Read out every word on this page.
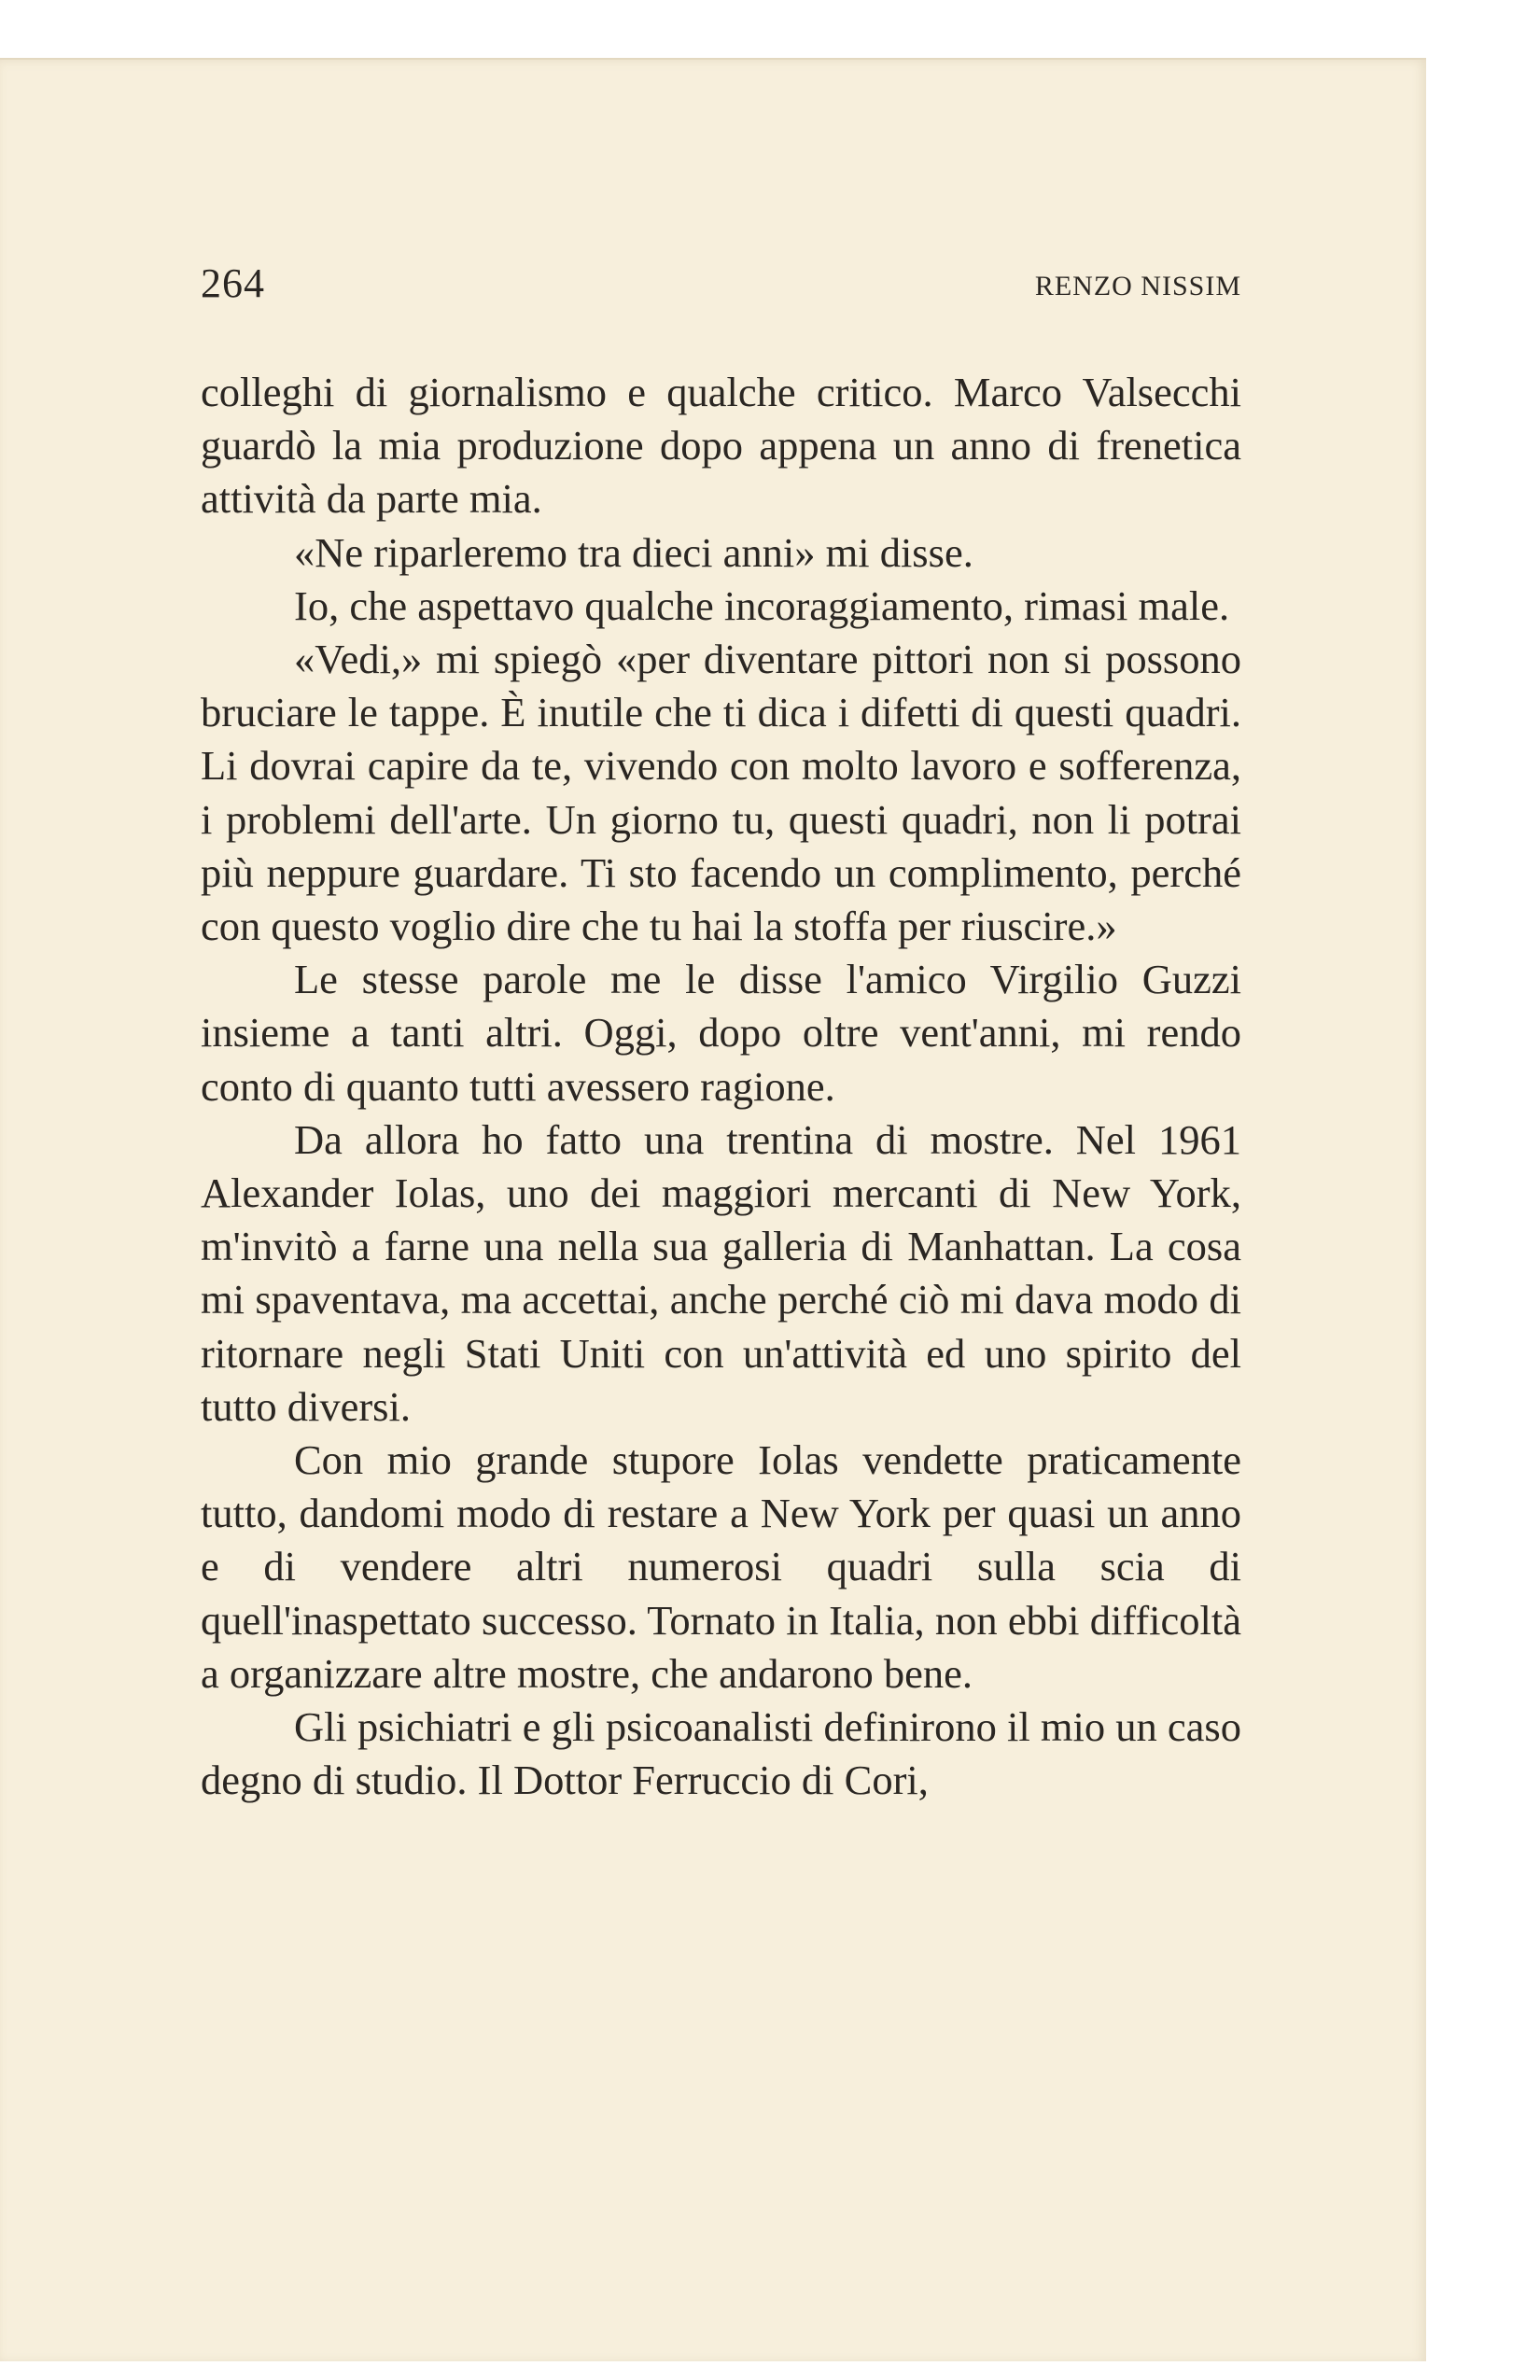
264	RENZO NISSIM

colleghi di giornalismo e qualche critico. Marco Valsecchi guardò la mia produzione dopo appena un anno di frenetica attività da parte mia.

«Ne riparleremo tra dieci anni» mi disse.

Io, che aspettavo qualche incoraggiamento, rimasi male.

«Vedi,» mi spiegò «per diventare pittori non si possono bruciare le tappe. È inutile che ti dica i difetti di questi quadri. Li dovrai capire da te, vivendo con molto lavoro e sofferenza, i problemi dell'arte. Un giorno tu, questi quadri, non li potrai più neppure guardare. Ti sto facendo un complimento, perché con questo voglio dire che tu hai la stoffa per riuscire.»

Le stesse parole me le disse l'amico Virgilio Guzzi insieme a tanti altri. Oggi, dopo oltre vent'anni, mi rendo conto di quanto tutti avessero ragione.

Da allora ho fatto una trentina di mostre. Nel 1961 Alexander Iolas, uno dei maggiori mercanti di New York, m'invitò a farne una nella sua galleria di Manhattan. La cosa mi spaventava, ma accettai, anche perché ciò mi dava modo di ritornare negli Stati Uniti con un'attività ed uno spirito del tutto diversi.

Con mio grande stupore Iolas vendette praticamente tutto, dandomi modo di restare a New York per quasi un anno e di vendere altri numerosi quadri sulla scia di quell'inaspettato successo. Tornato in Italia, non ebbi difficoltà a organizzare altre mostre, che andarono bene.

Gli psichiatri e gli psicoanalisti definirono il mio un caso degno di studio. Il Dottor Ferruccio di Cori,
